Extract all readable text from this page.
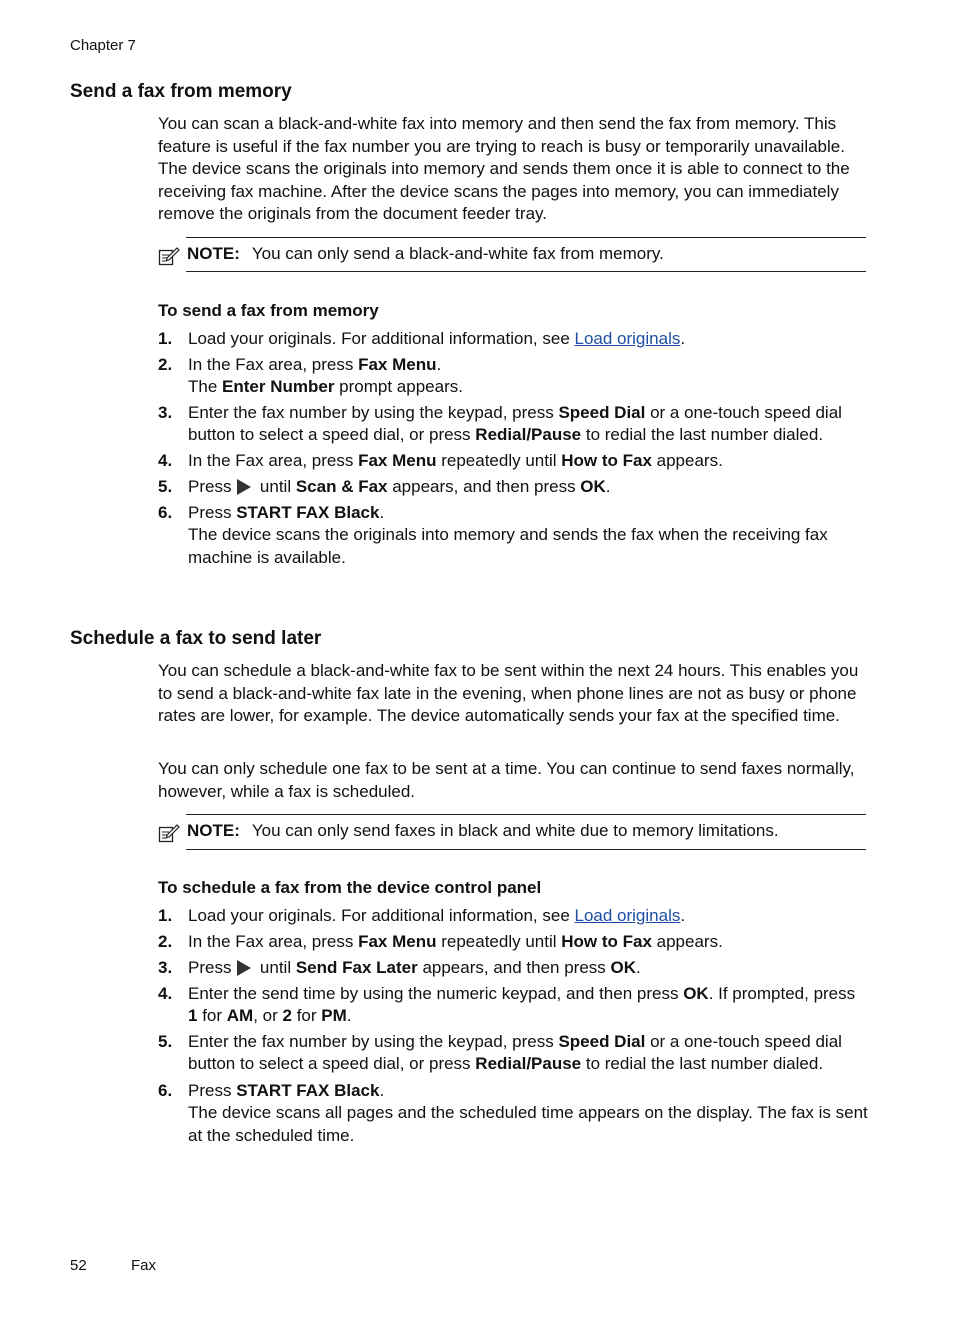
Chapter 7
Send a fax from memory

You can scan a black-and-white fax into memory and then send the fax from memory. This feature is useful if the fax number you are trying to reach is busy or temporarily unavailable. The device scans the originals into memory and sends them once it is able to connect to the receiving fax machine. After the device scans the pages into memory, you can immediately remove the originals from the document feeder tray.

NOTE: You can only send a black-and-white fax from memory.
To send a fax from memory
1. Load your originals. For additional information, see Load originals.
2. In the Fax area, press Fax Menu.
The Enter Number prompt appears.
3. Enter the fax number by using the keypad, press Speed Dial or a one-touch speed dial button to select a speed dial, or press Redial/Pause to redial the last number dialed.
4. In the Fax area, press Fax Menu repeatedly until How to Fax appears.
5. Press  until Scan & Fax appears, and then press OK.
6. Press START FAX Black.
The device scans the originals into memory and sends the fax when the receiving fax machine is available.
Schedule a fax to send later

You can schedule a black-and-white fax to be sent within the next 24 hours. This enables you to send a black-and-white fax late in the evening, when phone lines are not as busy or phone rates are lower, for example. The device automatically sends your fax at the specified time.

You can only schedule one fax to be sent at a time. You can continue to send faxes normally, however, while a fax is scheduled.

NOTE: You can only send faxes in black and white due to memory limitations.
To schedule a fax from the device control panel
1. Load your originals. For additional information, see Load originals.
2. In the Fax area, press Fax Menu repeatedly until How to Fax appears.
3. Press  until Send Fax Later appears, and then press OK.
4. Enter the send time by using the numeric keypad, and then press OK. If prompted, press 1 for AM, or 2 for PM.
5. Enter the fax number by using the keypad, press Speed Dial or a one-touch speed dial button to select a speed dial, or press Redial/Pause to redial the last number dialed.
6. Press START FAX Black.
The device scans all pages and the scheduled time appears on the display. The fax is sent at the scheduled time.
52	Fax
